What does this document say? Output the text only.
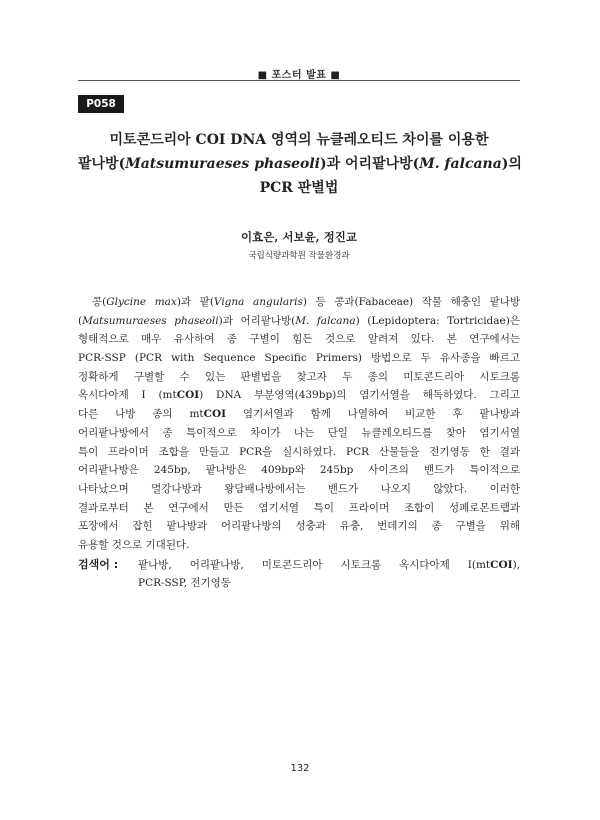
■ 포스터 발표 ■
P058
미토콘드리아 COI DNA 영역의 뉴클레오티드 차이를 이용한
팥나방(Matsumuraeses phaseoli)과 어리팥나방(M. falcana)의
PCR 판별법
이효은, 서보윤, 정진교
국립식량과학원 작물환경과
콩(Glycine max)과 팥(Vigna angularis) 등 콩과(Fabaceae) 작물 해충인 팥나방
(Matsumuraeses phaseoli)과 어리팥나방(M. falcana) (Lepidoptera: Tortricidae)은
형태적으로 매우 유사하여 종 구별이 힘든 것으로 알려져 있다. 본 연구에서는
PCR-SSP (PCR with Sequence Specific Primers) 방법으로 두 유사종을 빠르고
정확하게 구별할 수 있는 판별법을 찾고자 두 종의 미토콘드리아 시토크롬
옥시다아제 I (mtCOI) DNA 부분영역(439bp)의 염기서열을 해독하였다. 그리고
다른 나방 종의 mtCOI 염기서열과 함께 나열하여 비교한 후 팥나방과
어리팥나방에서 종 특이적으로 차이가 나는 단일 뉴클레오티드를 찾아 염기서열
특이 프라이머 조합을 만들고 PCR을 실시하였다. PCR 산물들을 전기영동 한 결과
어리팥나방은 245bp, 팥나방은 409bp와 245bp 사이즈의 밴드가 특이적으로
나타났으며 멸강나방과 왕담배나방에서는 밴드가 나오지 않았다. 이러한
결과로부터 본 연구에서 만든 염기서열 특이 프라이머 조합이 성페로몬트랩과
포장에서 잡힌 팥나방과 어리팥나방의 성충과 유충, 번데기의 종 구별을 위해
유용할 것으로 기대된다.
검색어 :	팥나방, 어리팥나방, 미토콘드리아 시토크롬 옥시다아제 I(mtCOI),
PCR-SSP, 전기영동
132
